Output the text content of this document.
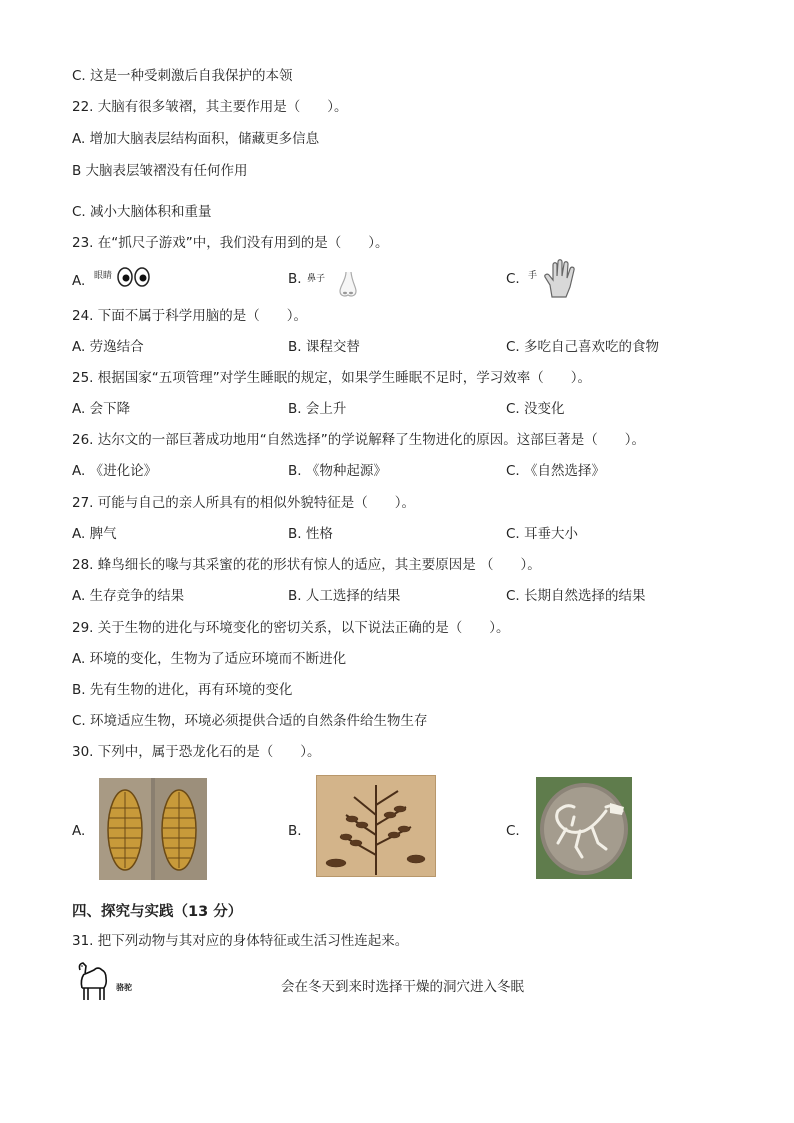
C. 这是一种受刺激后自我保护的本领
22. 大脑有很多皱褶，其主要作用是（　　）。
A. 增加大脑表层结构面积，储藏更多信息
B 大脑表层皱褶没有任何作用
C. 减小大脑体积和重量
23. 在“抓尺子游戏”中，我们没有用到的是（　　）。
A. 眼睛	B. 鼻子	C. 手
24. 下面不属于科学用脑的是（　　）。
A. 劳逸结合	B. 课程交替	C. 多吃自己喜欢吃的食物
25. 根据国家“五项管理”对学生睡眠的规定，如果学生睡眠不足时，学习效率（　　）。
A. 会下降	B. 会上升	C. 没变化
26. 达尔文的一部巨著成功地用“自然选择”的学说解释了生物进化的原因。这部巨著是（　　）。
A. 《进化论》	B. 《物种起源》	C. 《自然选择》
27. 可能与自己的亲人所具有的相似外貌特征是（　　）。
A. 脾气	B. 性格	C. 耳垂大小
28. 蜂鸟细长的喙与其采蜜的花的形状有惊人的适应，其主要原因是 （　　）。
A. 生存竞争的结果	B. 人工选择的结果	C. 长期自然选择的结果
29. 关于生物的进化与环境变化的密切关系，以下说法正确的是（　　）。
A. 环境的变化，生物为了适应环境而不断进化
B. 先有生物的进化，再有环境的变化
C. 环境适应生物，环境必须提供合适的自然条件给生物生存
30. 下列中，属于恐龙化石的是（　　）。
A.	B.	C.
四、探究与实践（13 分）
31. 把下列动物与其对应的身体特征或生活习性连起来。
骆驼	会在冬天到来时选择干燥的洞穴进入冬眠
